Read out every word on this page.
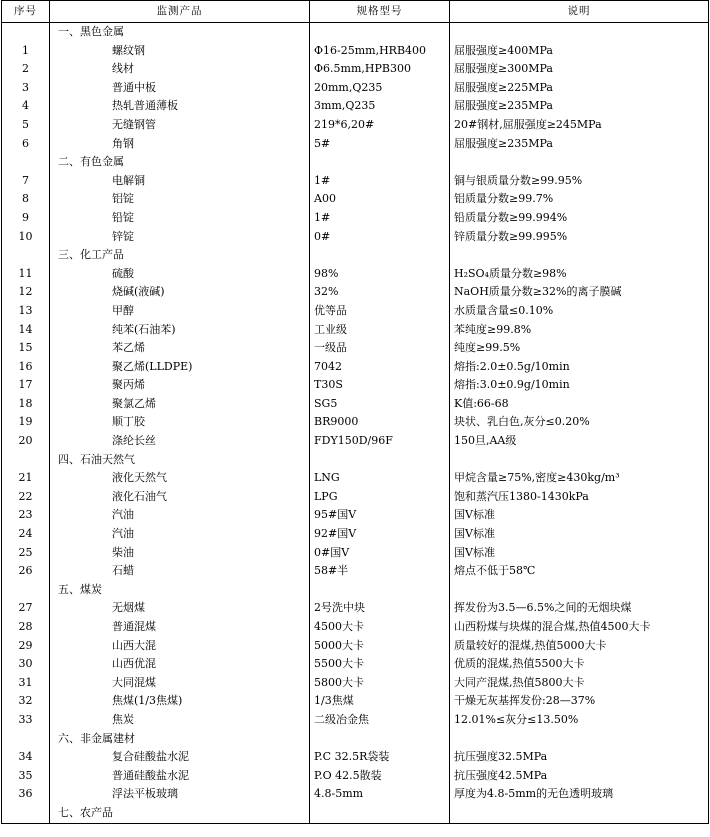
序号	监测产品	规格型号	说明
	一、黑色金属		
1	螺纹钢	Φ16-25mm,HRB400	屈服强度≥400MPa
2	线材	Φ6.5mm,HPB300	屈服强度≥300MPa
3	普通中板	20mm,Q235	屈服强度≥225MPa
4	热轧普通薄板	3mm,Q235	屈服强度≥235MPa
5	无缝钢管	219*6,20#	20#钢材,屈服强度≥245MPa
6	角钢	5#	屈服强度≥235MPa
	二、有色金属		
7	电解铜	1#	铜与银质量分数≥99.95%
8	铝锭	A00	铝质量分数≥99.7%
9	铅锭	1#	铅质量分数≥99.994%
10	锌锭	0#	锌质量分数≥99.995%
	三、化工产品		
11	硫酸	98%	H₂SO₄质量分数≥98%
12	烧碱(液碱)	32%	NaOH质量分数≥32%的离子膜碱
13	甲醇	优等品	水质量含量≤0.10%
14	纯苯(石油苯)	工业级	苯纯度≥99.8%
15	苯乙烯	一级品	纯度≥99.5%
16	聚乙烯(LLDPE)	7042	熔指:2.0±0.5g/10min
17	聚丙烯	T30S	熔指:3.0±0.9g/10min
18	聚氯乙烯	SG5	K值:66-68
19	顺丁胶	BR9000	块状、乳白色,灰分≤0.20%
20	涤纶长丝	FDY150D/96F	150旦,AA级
	四、石油天然气		
21	液化天然气	LNG	甲烷含量≥75%,密度≥430kg/m³
22	液化石油气	LPG	饱和蒸汽压1380-1430kPa
23	汽油	95#国Ⅴ	国Ⅴ标准
24	汽油	92#国Ⅴ	国Ⅴ标准
25	柴油	0#国Ⅴ	国Ⅴ标准
26	石蜡	58#半	熔点不低于58℃
	五、煤炭		
27	无烟煤	2号洗中块	挥发份为3.5—6.5%之间的无烟块煤
28	普通混煤	4500大卡	山西粉煤与块煤的混合煤,热值4500大卡
29	山西大混	5000大卡	质量较好的混煤,热值5000大卡
30	山西优混	5500大卡	优质的混煤,热值5500大卡
31	大同混煤	5800大卡	大同产混煤,热值5800大卡
32	焦煤(1/3焦煤)	1/3焦煤	干燥无灰基挥发份:28—37%
33	焦炭	二级冶金焦	12.01%≤灰分≤13.50%
	六、非金属建材		
34	复合硅酸盐水泥	P.C 32.5R袋装	抗压强度32.5MPa
35	普通硅酸盐水泥	P.O 42.5散装	抗压强度42.5MPa
36	浮法平板玻璃	4.8-5mm	厚度为4.8-5mm的无色透明玻璃
	七、农产品		
